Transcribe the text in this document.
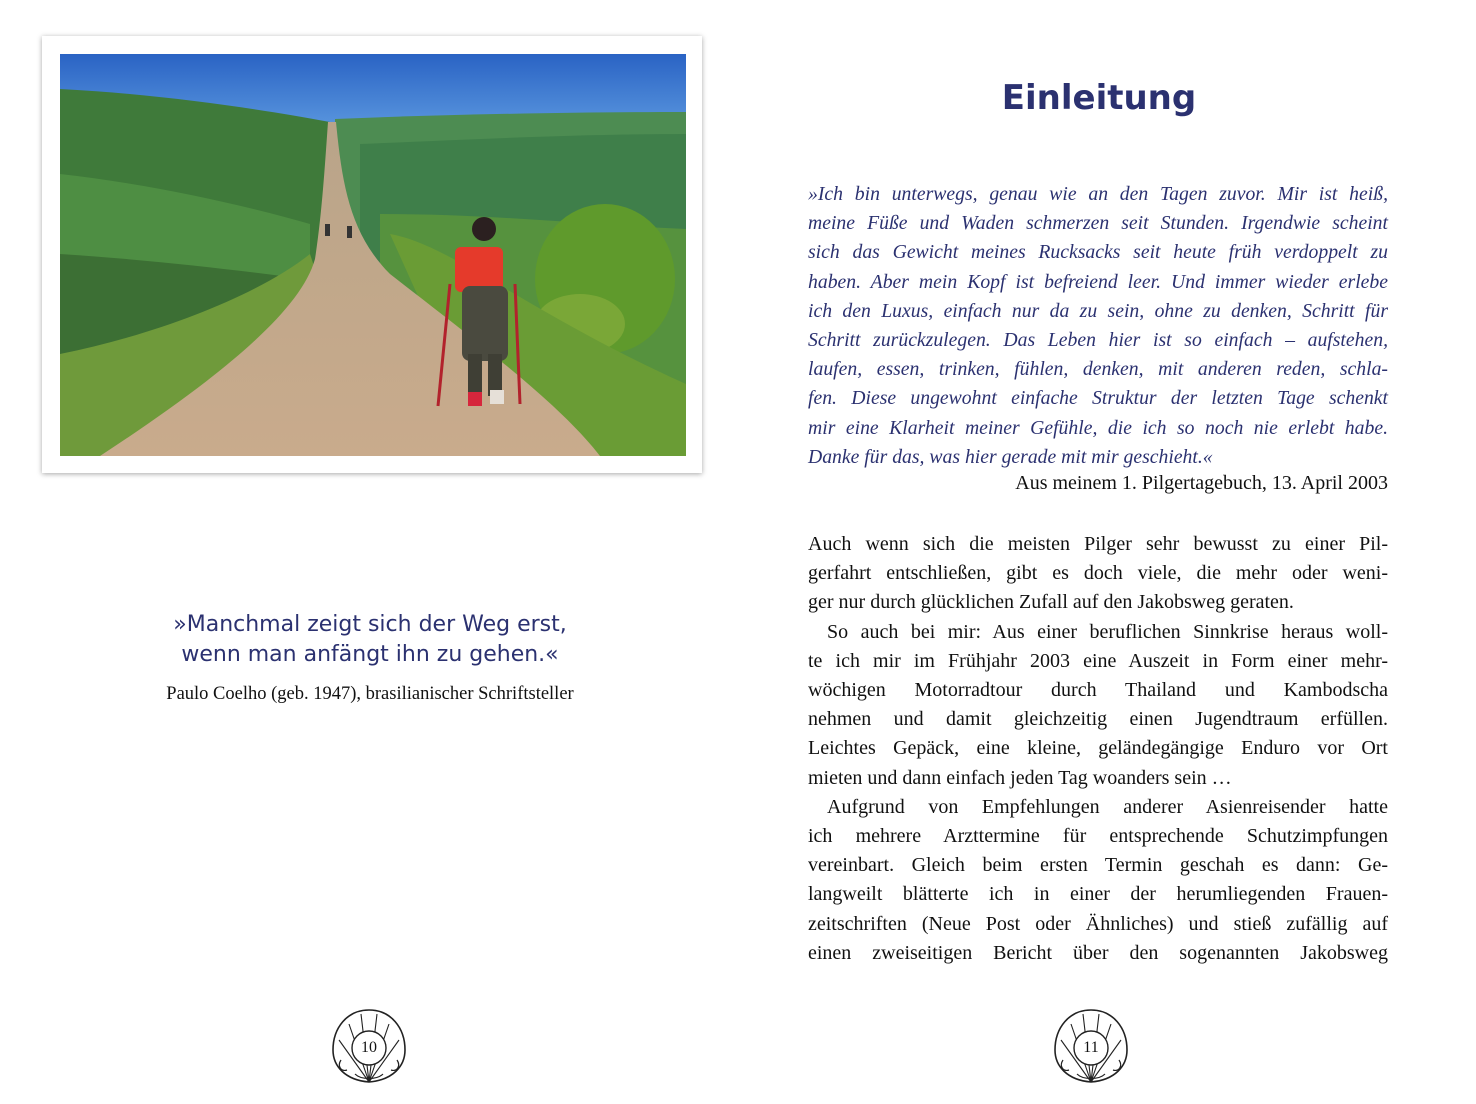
»Manchmal zeigt sich der Weg erst,
wenn man anfängt ihn zu gehen.«
Paulo Coelho (geb. 1947), brasilianischer Schriftsteller
10
Einleitung
»Ich bin unterwegs, genau wie an den Tagen zuvor. Mir ist heiß,
meine Füße und Waden schmerzen seit Stunden. Irgendwie scheint
sich das Gewicht meines Rucksacks seit heute früh verdoppelt zu
haben. Aber mein Kopf ist befreiend leer. Und immer wieder erlebe
ich den Luxus, einfach nur da zu sein, ohne zu denken, Schritt für
Schritt zurückzulegen. Das Leben hier ist so einfach – aufstehen,
laufen, essen, trinken, fühlen, denken, mit anderen reden, schla-
fen. Diese ungewohnt einfache Struktur der letzten Tage schenkt
mir eine Klarheit meiner Gefühle, die ich so noch nie erlebt habe.
Danke für das, was hier gerade mit mir geschieht.«
Aus meinem 1. Pilgertagebuch, 13. April 2003
Auch wenn sich die meisten Pilger sehr bewusst zu einer Pil-
gerfahrt entschließen, gibt es doch viele, die mehr oder weni-
ger nur durch glücklichen Zufall auf den Jakobsweg geraten.
So auch bei mir: Aus einer beruflichen Sinnkrise heraus woll-
te ich mir im Frühjahr 2003 eine Auszeit in Form einer mehr-
wöchigen Motorradtour durch Thailand und Kambodscha
nehmen und damit gleichzeitig einen Jugendtraum erfüllen.
Leichtes Gepäck, eine kleine, geländegängige Enduro vor Ort
mieten und dann einfach jeden Tag woanders sein …
Aufgrund von Empfehlungen anderer Asienreisender hatte
ich mehrere Arzttermine für entsprechende Schutzimpfungen
vereinbart. Gleich beim ersten Termin geschah es dann: Ge-
langweilt blätterte ich in einer der herumliegenden Frauen-
zeitschriften (Neue Post oder Ähnliches) und stieß zufällig auf
einen zweiseitigen Bericht über den sogenannten Jakobsweg
11
